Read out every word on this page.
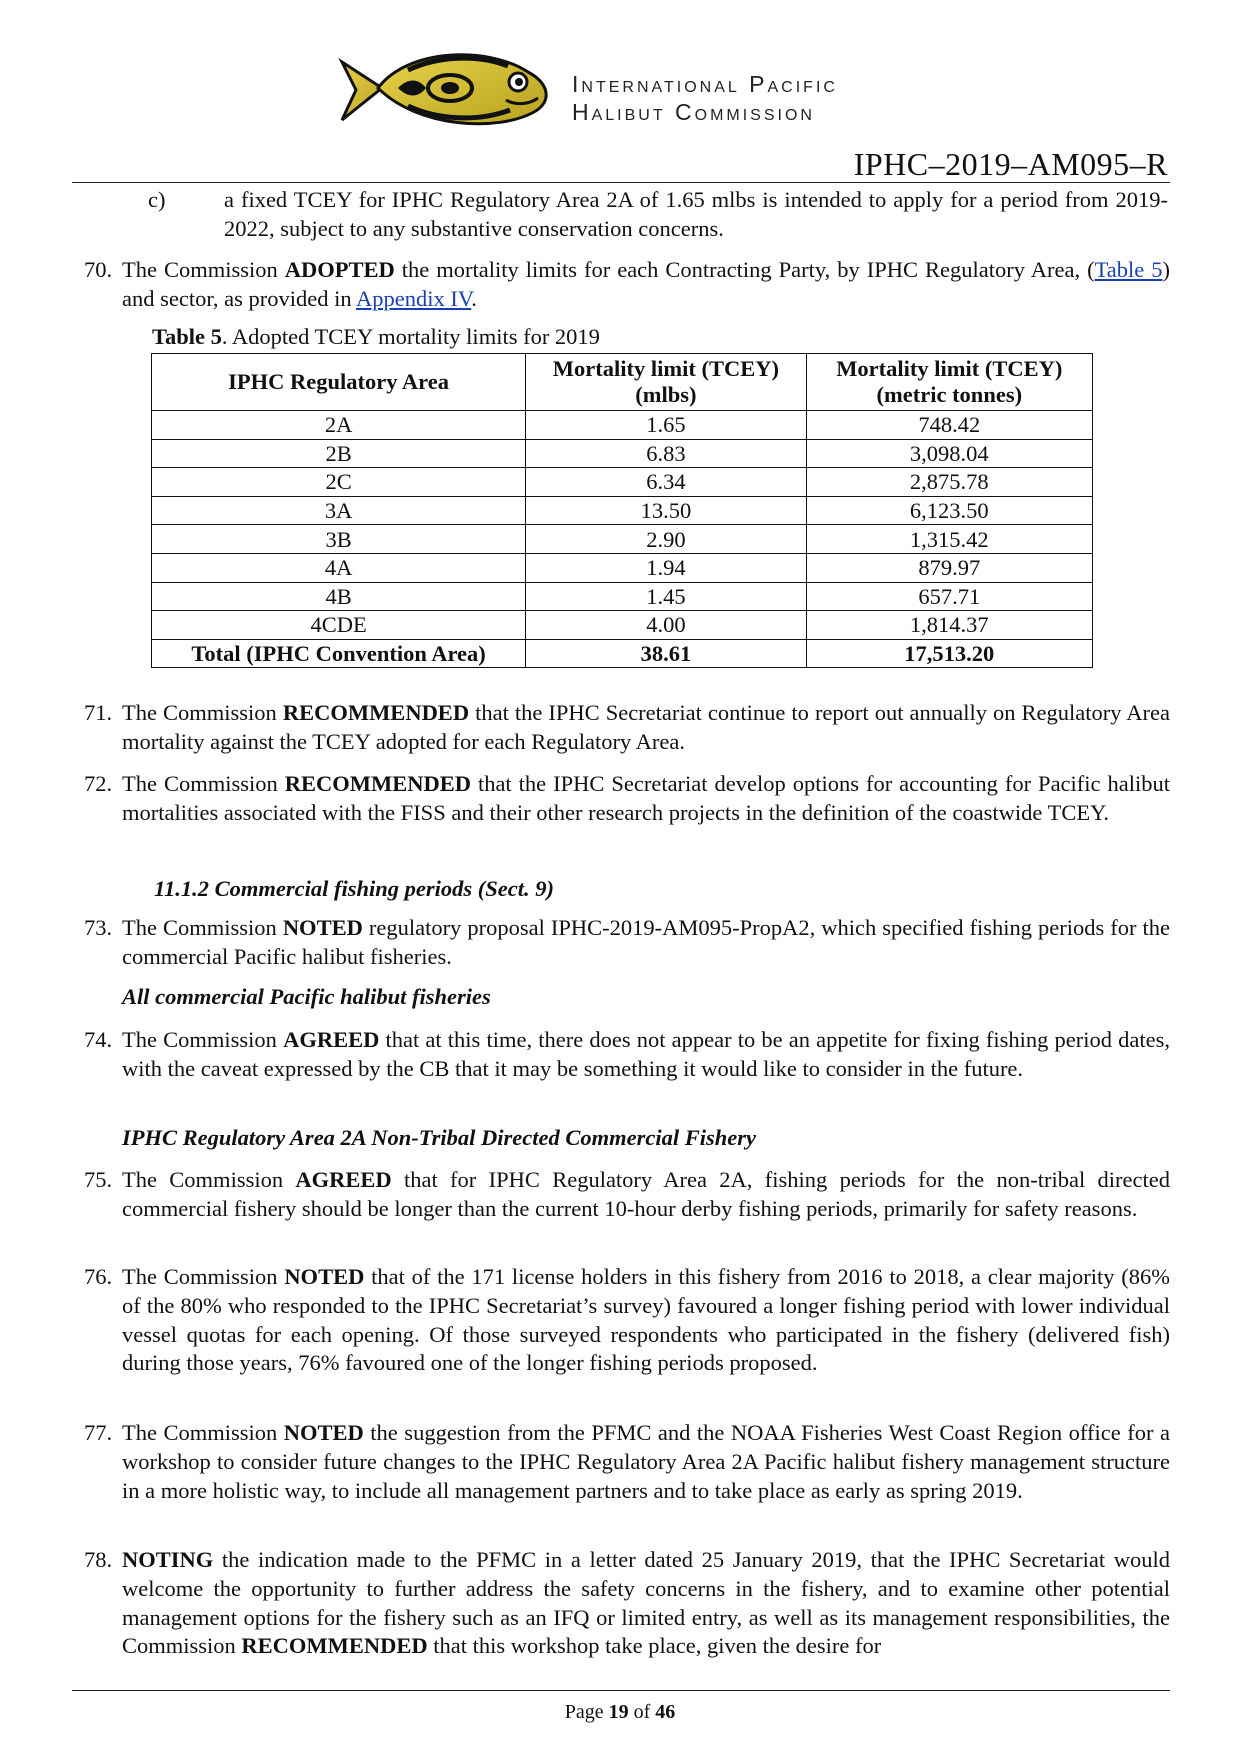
International Pacific
Halibut Commission
IPHC–2019–AM095–R
c)	a fixed TCEY for IPHC Regulatory Area 2A of 1.65 mlbs is intended to apply for a period from 2019-2022, subject to any substantive conservation concerns.
70. The Commission ADOPTED the mortality limits for each Contracting Party, by IPHC Regulatory Area, (Table 5) and sector, as provided in Appendix IV.
Table 5. Adopted TCEY mortality limits for 2019
IPHC Regulatory Area	Mortality limit (TCEY) (mlbs)	Mortality limit (TCEY) (metric tonnes)
2A	1.65	748.42
2B	6.83	3,098.04
2C	6.34	2,875.78
3A	13.50	6,123.50
3B	2.90	1,315.42
4A	1.94	879.97
4B	1.45	657.71
4CDE	4.00	1,814.37
Total (IPHC Convention Area)	38.61	17,513.20
71. The Commission RECOMMENDED that the IPHC Secretariat continue to report out annually on Regulatory Area mortality against the TCEY adopted for each Regulatory Area.
72. The Commission RECOMMENDED that the IPHC Secretariat develop options for accounting for Pacific halibut mortalities associated with the FISS and their other research projects in the definition of the coastwide TCEY.
11.1.2 Commercial fishing periods (Sect. 9)
73. The Commission NOTED regulatory proposal IPHC-2019-AM095-PropA2, which specified fishing periods for the commercial Pacific halibut fisheries.
All commercial Pacific halibut fisheries
74. The Commission AGREED that at this time, there does not appear to be an appetite for fixing fishing period dates, with the caveat expressed by the CB that it may be something it would like to consider in the future.
IPHC Regulatory Area 2A Non-Tribal Directed Commercial Fishery
75. The Commission AGREED that for IPHC Regulatory Area 2A, fishing periods for the non-tribal directed commercial fishery should be longer than the current 10-hour derby fishing periods, primarily for safety reasons.
76. The Commission NOTED that of the 171 license holders in this fishery from 2016 to 2018, a clear majority (86% of the 80% who responded to the IPHC Secretariat’s survey) favoured a longer fishing period with lower individual vessel quotas for each opening. Of those surveyed respondents who participated in the fishery (delivered fish) during those years, 76% favoured one of the longer fishing periods proposed.
77. The Commission NOTED the suggestion from the PFMC and the NOAA Fisheries West Coast Region office for a workshop to consider future changes to the IPHC Regulatory Area 2A Pacific halibut fishery management structure in a more holistic way, to include all management partners and to take place as early as spring 2019.
78. NOTING the indication made to the PFMC in a letter dated 25 January 2019, that the IPHC Secretariat would welcome the opportunity to further address the safety concerns in the fishery, and to examine other potential management options for the fishery such as an IFQ or limited entry, as well as its management responsibilities, the Commission RECOMMENDED that this workshop take place, given the desire for
Page 19 of 46
